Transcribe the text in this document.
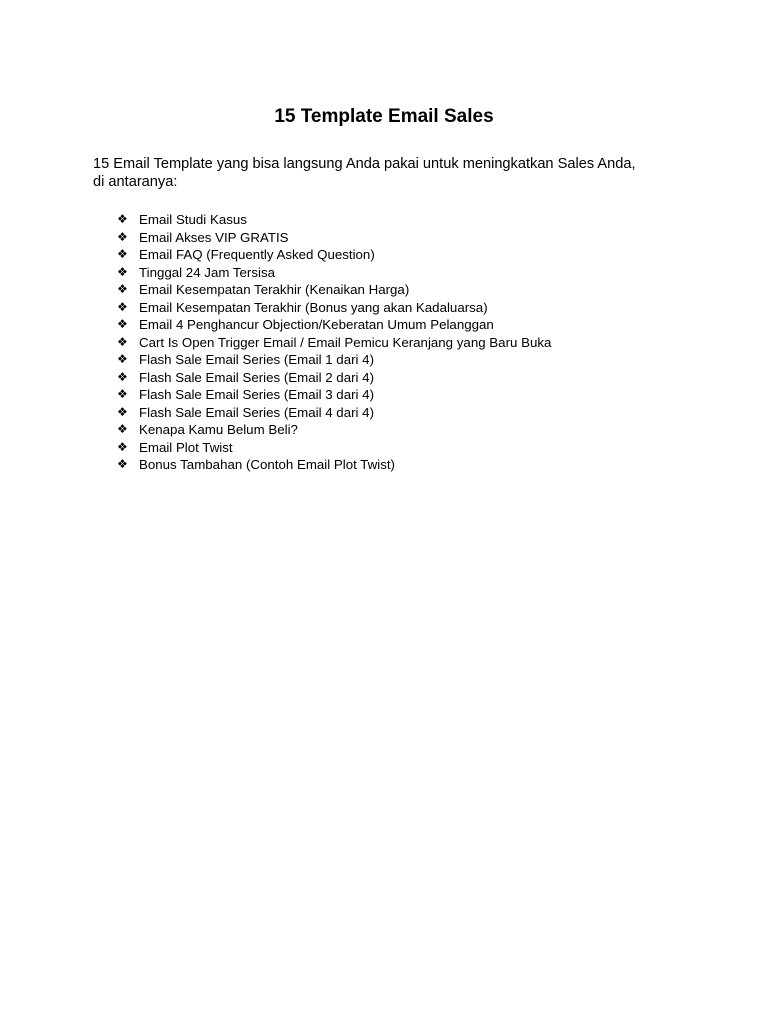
15 Template Email Sales

15 Email Template yang bisa langsung Anda pakai untuk meningkatkan Sales Anda,
di antaranya:

❖ Email Studi Kasus
❖ Email Akses VIP GRATIS
❖ Email FAQ (Frequently Asked Question)
❖ Tinggal 24 Jam Tersisa
❖ Email Kesempatan Terakhir (Kenaikan Harga)
❖ Email Kesempatan Terakhir (Bonus yang akan Kadaluarsa)
❖ Email 4 Penghancur Objection/Keberatan Umum Pelanggan
❖ Cart Is Open Trigger Email / Email Pemicu Keranjang yang Baru Buka
❖ Flash Sale Email Series (Email 1 dari 4)
❖ Flash Sale Email Series (Email 2 dari 4)
❖ Flash Sale Email Series (Email 3 dari 4)
❖ Flash Sale Email Series (Email 4 dari 4)
❖ Kenapa Kamu Belum Beli?
❖ Email Plot Twist
❖ Bonus Tambahan (Contoh Email Plot Twist)
